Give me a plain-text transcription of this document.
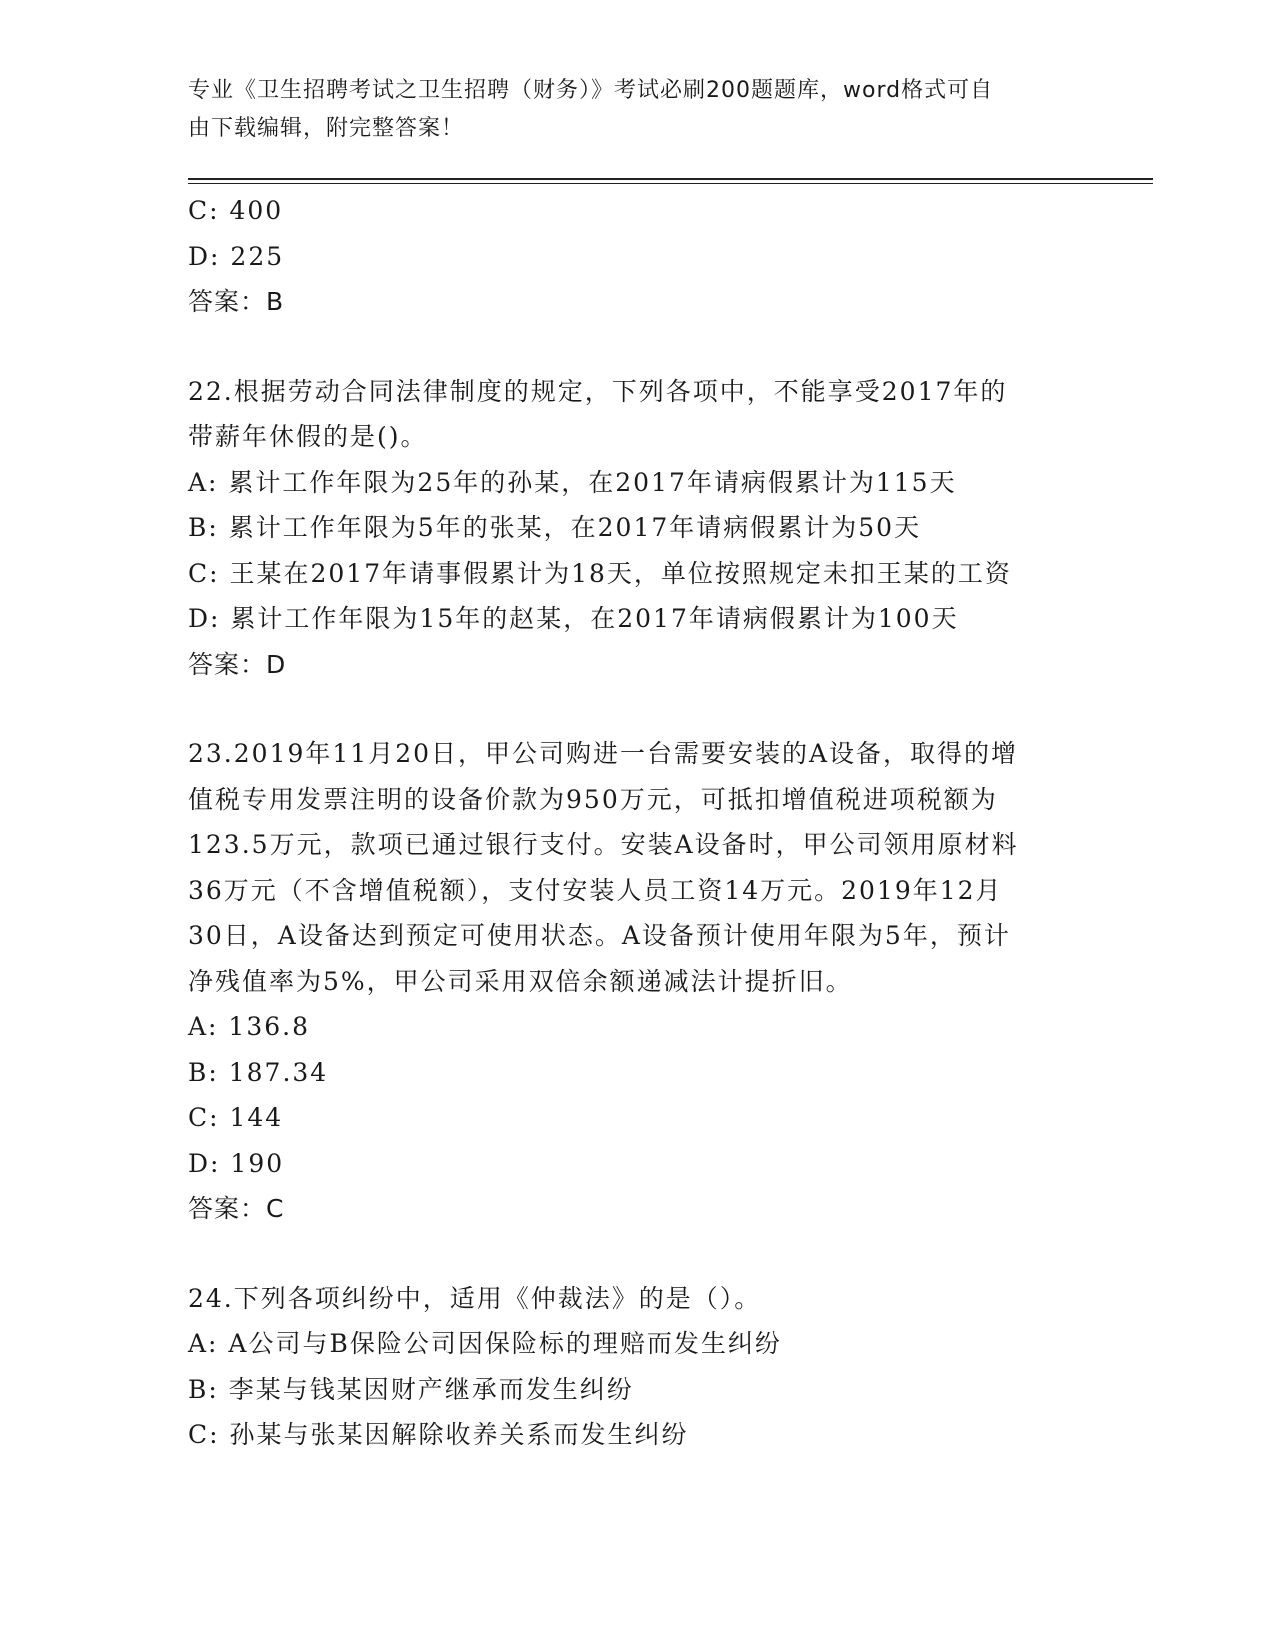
专业《卫生招聘考试之卫生招聘（财务）》考试必刷200题题库，word格式可自
由下载编辑，附完整答案！
C: 400
D: 225
答案：B
22.根据劳动合同法律制度的规定，下列各项中，不能享受2017年的
带薪年休假的是()。
A: 累计工作年限为25年的孙某，在2017年请病假累计为115天
B: 累计工作年限为5年的张某，在2017年请病假累计为50天
C: 王某在2017年请事假累计为18天，单位按照规定未扣王某的工资
D: 累计工作年限为15年的赵某，在2017年请病假累计为100天
答案：D
23.2019年11月20日，甲公司购进一台需要安装的A设备，取得的增
值税专用发票注明的设备价款为950万元，可抵扣增值税进项税额为
123.5万元，款项已通过银行支付。安装A设备时，甲公司领用原材料
36万元（不含增值税额），支付安装人员工资14万元。2019年12月
30日，A设备达到预定可使用状态。A设备预计使用年限为5年，预计
净残值率为5%，甲公司采用双倍余额递减法计提折旧。
A: 136.8
B: 187.34
C: 144
D: 190
答案：C
24.下列各项纠纷中，适用《仲裁法》的是（）。
A: A公司与B保险公司因保险标的理赔而发生纠纷
B: 李某与钱某因财产继承而发生纠纷
C: 孙某与张某因解除收养关系而发生纠纷
